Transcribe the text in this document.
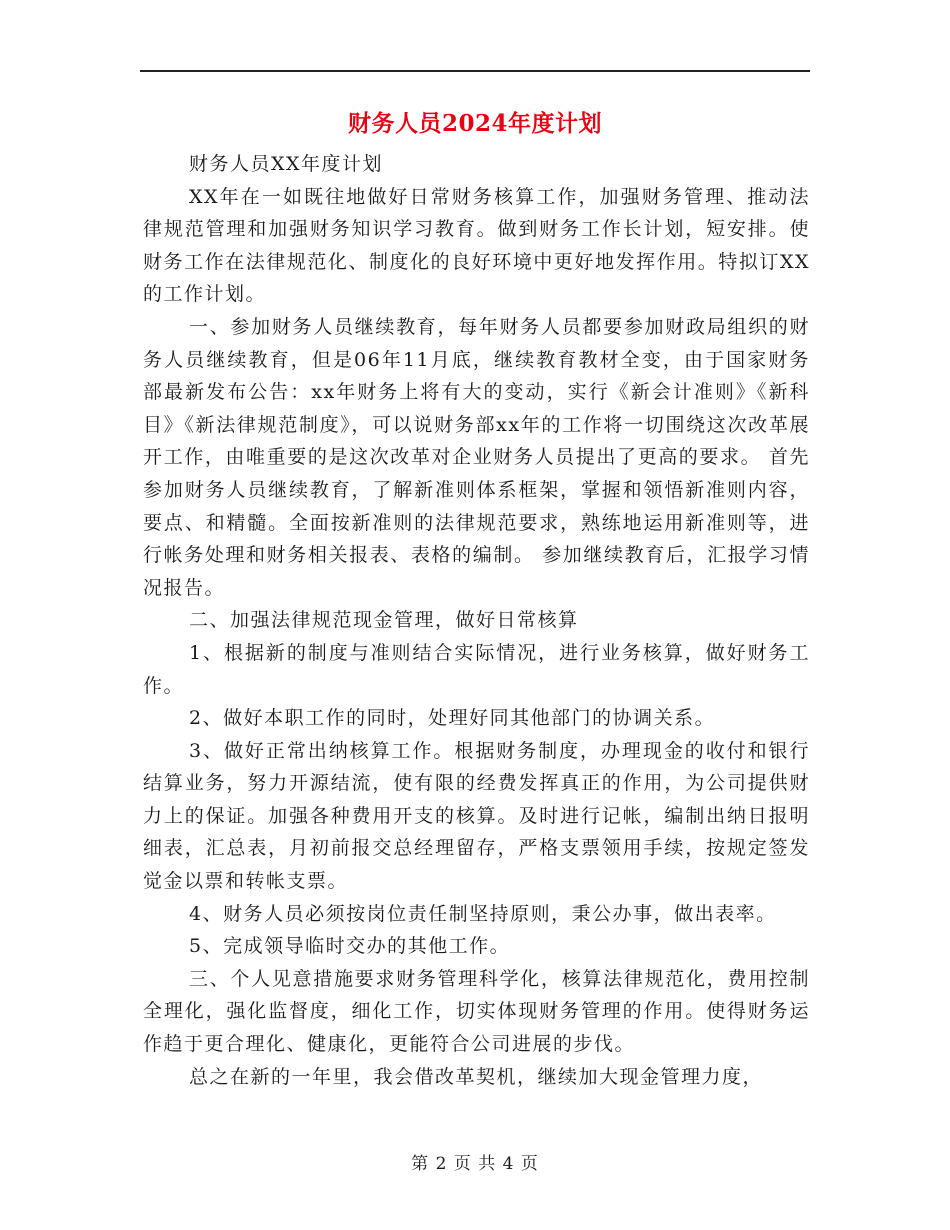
财务人员2024年度计划

财务人员XX年度计划

XX年在一如既往地做好日常财务核算工作，加强财务管理、推动法律规范管理和加强财务知识学习教育。做到财务工作长计划，短安排。使财务工作在法律规范化、制度化的良好环境中更好地发挥作用。特拟订XX的工作计划。

一、参加财务人员继续教育，每年财务人员都要参加财政局组织的财务人员继续教育，但是06年11月底，继续教育教材全变，由于国家财务部最新发布公告：xx年财务上将有大的变动，实行《新会计准则》《新科目》《新法律规范制度》，可以说财务部xx年的工作将一切围绕这次改革展开工作，由唯重要的是这次改革对企业财务人员提出了更高的要求。 首先参加财务人员继续教育，了解新准则体系框架，掌握和领悟新准则内容，要点、和精髓。全面按新准则的法律规范要求，熟练地运用新准则等，进行帐务处理和财务相关报表、表格的编制。 参加继续教育后，汇报学习情况报告。

二、加强法律规范现金管理，做好日常核算

1、根据新的制度与准则结合实际情况，进行业务核算，做好财务工作。

2、做好本职工作的同时，处理好同其他部门的协调关系。

3、做好正常出纳核算工作。根据财务制度，办理现金的收付和银行结算业务，努力开源结流，使有限的经费发挥真正的作用，为公司提供财力上的保证。加强各种费用开支的核算。及时进行记帐，编制出纳日报明细表，汇总表，月初前报交总经理留存，严格支票领用手续，按规定签发觉金以票和转帐支票。

4、财务人员必须按岗位责任制坚持原则，秉公办事，做出表率。

5、完成领导临时交办的其他工作。

三、个人见意措施要求财务管理科学化，核算法律规范化，费用控制全理化，强化监督度，细化工作，切实体现财务管理的作用。使得财务运作趋于更合理化、健康化，更能符合公司进展的步伐。

总之在新的一年里，我会借改革契机，继续加大现金管理力度，

第 2 页 共 4 页
